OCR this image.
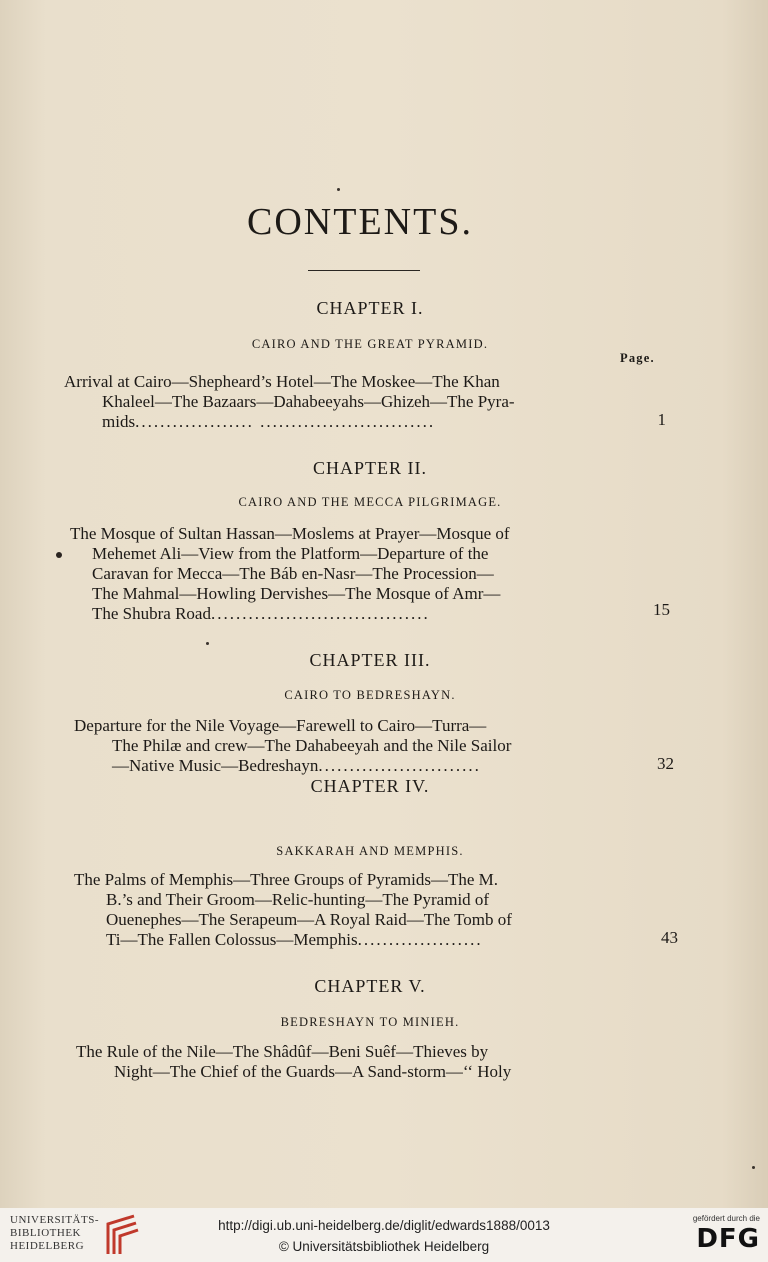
CONTENTS.
CHAPTER I.
CAIRO AND THE GREAT PYRAMID.
Page.
Arrival at Cairo—Shepheard’s Hotel—The Moskee—The Khan
Khaleel—The Bazaars—Dahabeeyahs—Ghizeh—The Pyra-
mids................... ............................	1
CHAPTER II.
CAIRO AND THE MECCA PILGRIMAGE.
The Mosque of Sultan Hassan—Moslems at Prayer—Mosque of
Mehemet Ali—View from the Platform—Departure of the
Caravan for Mecca—The Báb en-Nasr—The Procession—
The Mahmal—Howling Dervishes—The Mosque of Amr—
The Shubra Road...................................	15
CHAPTER III.
CAIRO TO BEDRESHAYN.
Departure for the Nile Voyage—Farewell to Cairo—Turra—
The Philæ and crew—The Dahabeeyah and the Nile Sailor
—Native Music—Bedreshayn..........................	32
CHAPTER IV.
SAKKARAH AND MEMPHIS.
The Palms of Memphis—Three Groups of Pyramids—The M.
B.’s and Their Groom—Relic-hunting—The Pyramid of
Ouenephes—The Serapeum—A Royal Raid—The Tomb of
Ti—The Fallen Colossus—Memphis....................	43
CHAPTER V.
BEDRESHAYN TO MINIEH.
The Rule of the Nile—The Shâdûf—Beni Suêf—Thieves by
Night—The Chief of the Guards—A Sand-storm—‘‘ Holy
UNIVERSITÄTS-
BIBLIOTHEK
HEIDELBERG
http://digi.ub.uni-heidelberg.de/diglit/edwards1888/0013
© Universitätsbibliothek Heidelberg
gefördert durch die
DFG
